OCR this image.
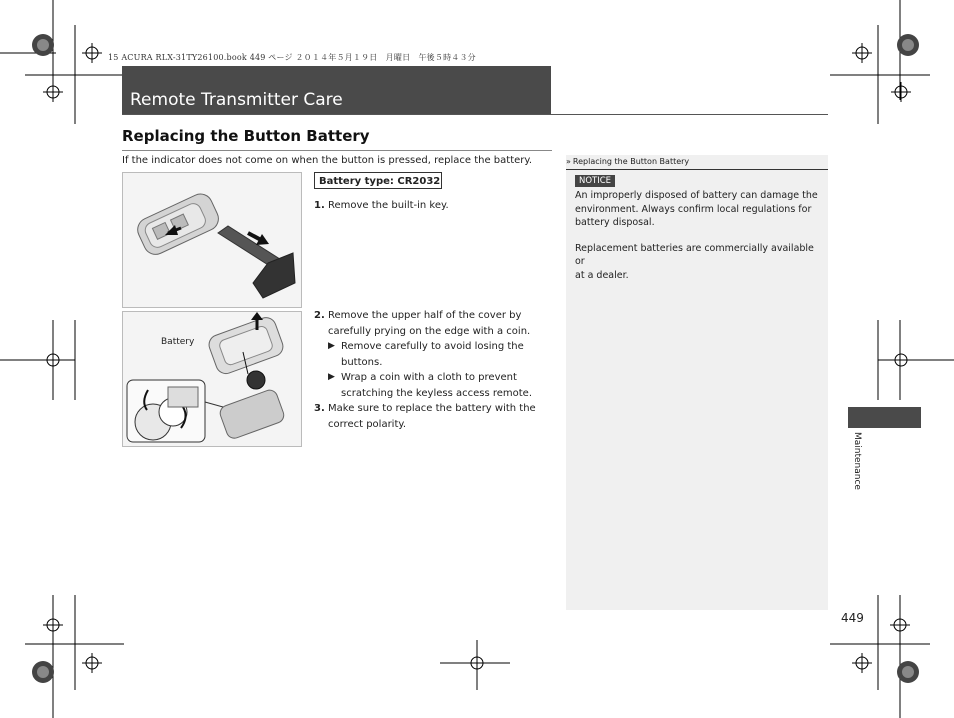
15 ACURA RLX-31TY26100.book 449 ページ ２０１４年５月１９日　月曜日　午後５時４３分
Remote Transmitter Care
Replacing the Button Battery
If the indicator does not come on when the button is pressed, replace the battery.
Battery
Battery type: CR2032
1. Remove the built-in key.
2. Remove the upper half of the cover by
carefully prying on the edge with a coin.
▶ Remove carefully to avoid losing the
buttons.
▶ Wrap a coin with a cloth to prevent
scratching the keyless access remote.
3. Make sure to replace the battery with the
correct polarity.
» Replacing the Button Battery
NOTICE
An improperly disposed of battery can damage the
environment. Always confirm local regulations for
battery disposal.
Replacement batteries are commercially available or
at a dealer.
Maintenance
449
